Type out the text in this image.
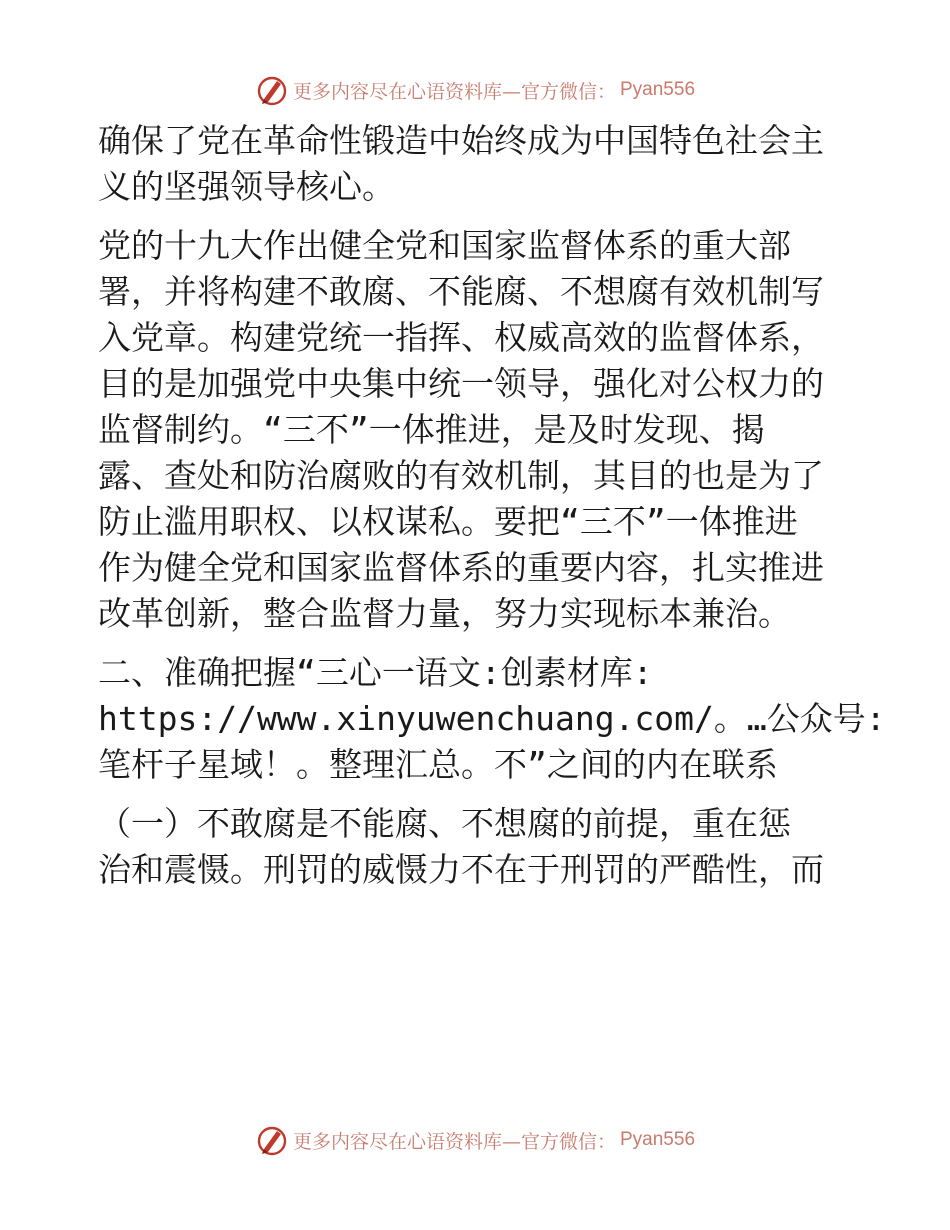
更多内容尽在心语资料库—官方微信： Pyan556
确保了党在革命性锻造中始终成为中国特色社会主
义的坚强领导核心。
党的十九大作出健全党和国家监督体系的重大部
署，并将构建不敢腐、不能腐、不想腐有效机制写
入党章。构建党统一指挥、权威高效的监督体系，
目的是加强党中央集中统一领导，强化对公权力的
监督制约。“三不”一体推进，是及时发现、揭
露、查处和防治腐败的有效机制，其目的也是为了
防止滥用职权、以权谋私。要把“三不”一体推进
作为健全党和国家监督体系的重要内容，扎实推进
改革创新，整合监督力量，努力实现标本兼治。
二、准确把握“三心一语文:创素材库:
https://www.xinyuwenchuang.com/。…公众号:
笔杆子星域！。整理汇总。不”之间的内在联系
（一）不敢腐是不能腐、不想腐的前提，重在惩
治和震慑。刑罚的威慑力不在于刑罚的严酷性，而
更多内容尽在心语资料库—官方微信： Pyan556
